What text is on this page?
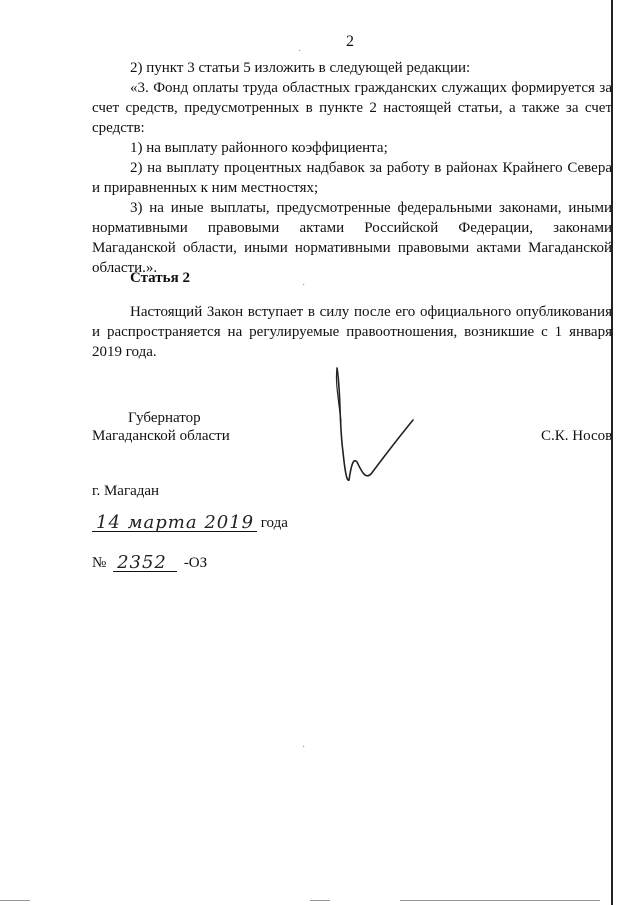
2

2) пункт 3 статьи 5 изложить в следующей редакции:

«3. Фонд оплаты труда областных гражданских служащих формируется за счет средств, предусмотренных в пункте 2 настоящей статьи, а также за счет средств:

1) на выплату районного коэффициента;

2) на выплату процентных надбавок за работу в районах Крайнего Севера и приравненных к ним местностях;

3) на иные выплаты, предусмотренные федеральными законами, иными нормативными правовыми актами Российской Федерации, законами Магаданской области, иными нормативными правовыми актами Магаданской области.».

Статья 2

Настоящий Закон вступает в силу после его официального опубликования и распространяется на регулируемые правоотношения, возникшие с 1 января 2019 года.

Губернатор
Магаданской области	С.К. Носов
г. Магадан
14 марта 2019 года
№ 2352 -ОЗ
·
·
·
